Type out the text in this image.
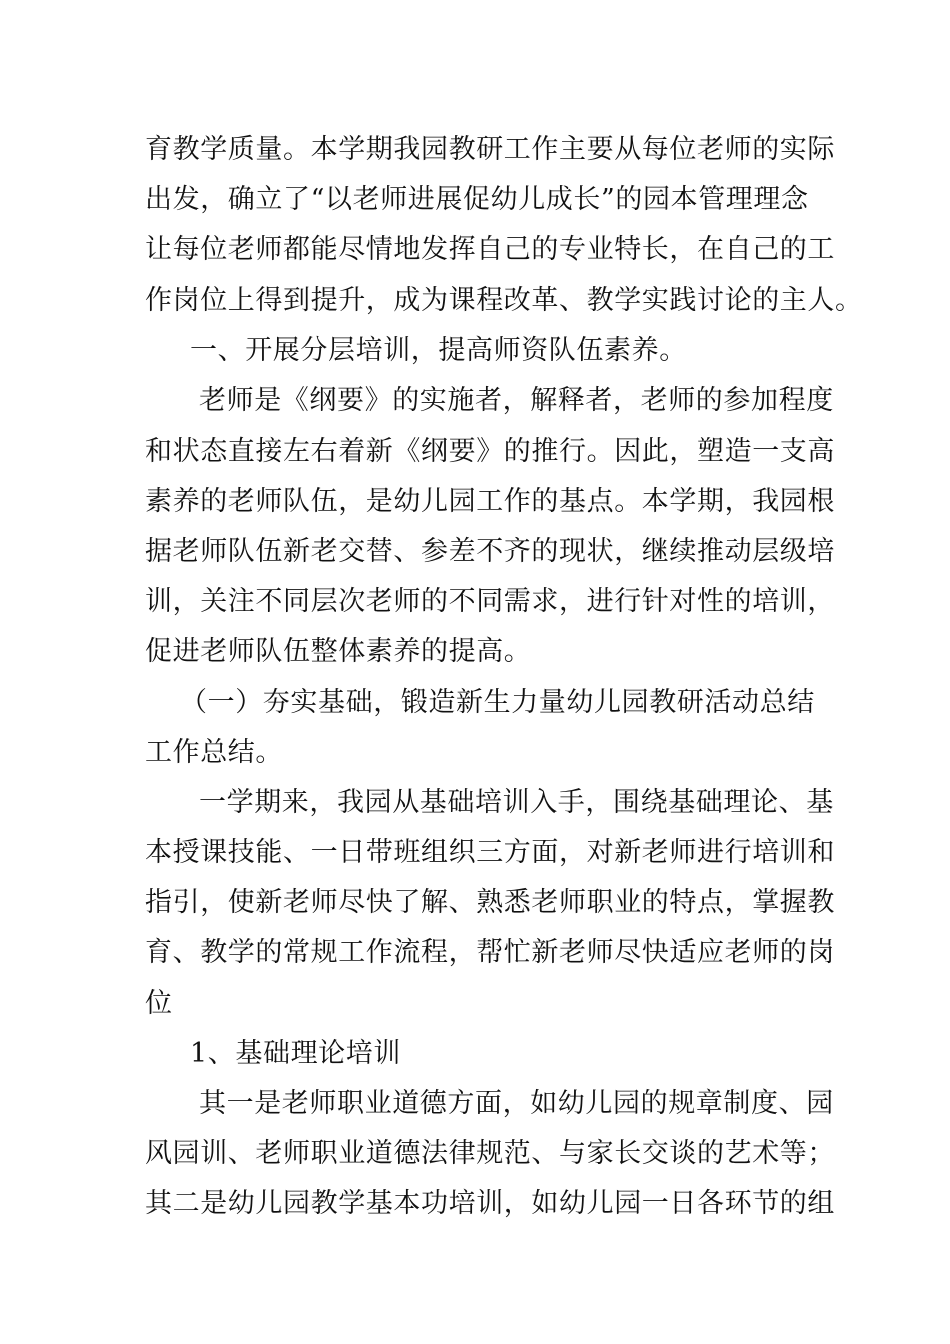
育教学质量。本学期我园教研工作主要从每位老师的实际
出发，确立了“以老师进展促幼儿成长”的园本管理理念
让每位老师都能尽情地发挥自己的专业特长，在自己的工
作岗位上得到提升，成为课程改革、教学实践讨论的主人。
一、开展分层培训，提高师资队伍素养。
老师是《纲要》的实施者，解释者，老师的参加程度
和状态直接左右着新《纲要》的推行。因此，塑造一支高
素养的老师队伍，是幼儿园工作的基点。本学期，我园根
据老师队伍新老交替、参差不齐的现状，继续推动层级培
训，关注不同层次老师的不同需求，进行针对性的培训，
促进老师队伍整体素养的提高。
（一）夯实基础，锻造新生力量幼儿园教研活动总结
工作总结。
一学期来，我园从基础培训入手，围绕基础理论、基
本授课技能、一日带班组织三方面，对新老师进行培训和
指引，使新老师尽快了解、熟悉老师职业的特点，掌握教
育、教学的常规工作流程，帮忙新老师尽快适应老师的岗
位
1、基础理论培训
其一是老师职业道德方面，如幼儿园的规章制度、园
风园训、老师职业道德法律规范、与家长交谈的艺术等；
其二是幼儿园教学基本功培训，如幼儿园一日各环节的组
